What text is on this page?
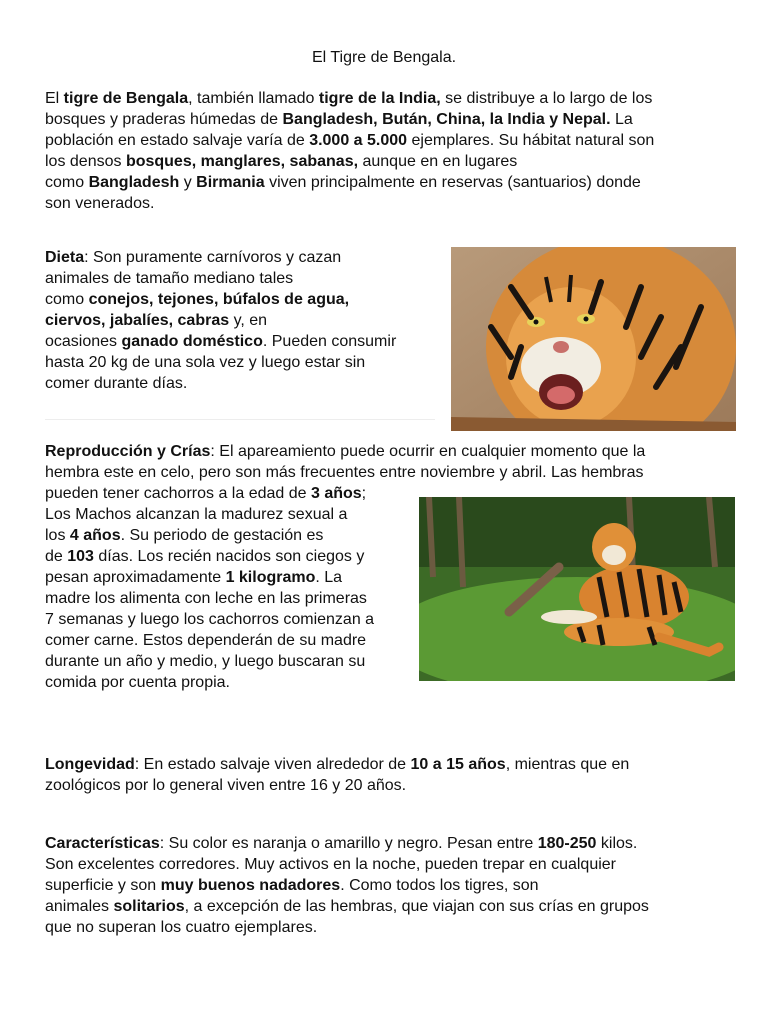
El Tigre de Bengala.
El tigre de Bengala, también llamado tigre de la India, se distribuye a lo largo de los
bosques y praderas húmedas de Bangladesh, Bután, China, la India y Nepal. La
población en estado salvaje varía de 3.000 a 5.000 ejemplares. Su hábitat natural son
los densos bosques, manglares, sabanas, aunque en en lugares
como Bangladesh y Birmania viven principalmente en reservas (santuarios) donde
son venerados.
Dieta: Son puramente carnívoros y cazan
animales de tamaño mediano tales
como conejos, tejones, búfalos de agua,
ciervos, jabalíes, cabras y, en
ocasiones ganado doméstico. Pueden consumir
hasta 20 kg de una sola vez y luego estar sin
comer durante días.
Reproducción y Crías: El apareamiento puede ocurrir en cualquier momento que la
hembra este en celo, pero son más frecuentes entre noviembre y abril. Las hembras
pueden tener cachorros a la edad de 3 años;
Los Machos alcanzan la madurez sexual a
los 4 años. Su periodo de gestación es
de 103 días. Los recién nacidos son ciegos y
pesan aproximadamente 1 kilogramo. La
madre los alimenta con leche en las primeras
7 semanas y luego los cachorros comienzan a
comer carne. Estos dependerán de su madre
durante un año y medio, y luego buscaran su
comida por cuenta propia.
Longevidad: En estado salvaje viven alrededor de 10 a 15 años, mientras que en
zoológicos por lo general viven entre 16 y 20 años.
Características: Su color es naranja o amarillo y negro. Pesan entre 180-250 kilos.
Son excelentes corredores. Muy activos en la noche, pueden trepar en cualquier
superficie y son muy buenos nadadores. Como todos los tigres, son
animales solitarios, a excepción de las hembras, que viajan con sus crías en grupos
que no superan los cuatro ejemplares.
